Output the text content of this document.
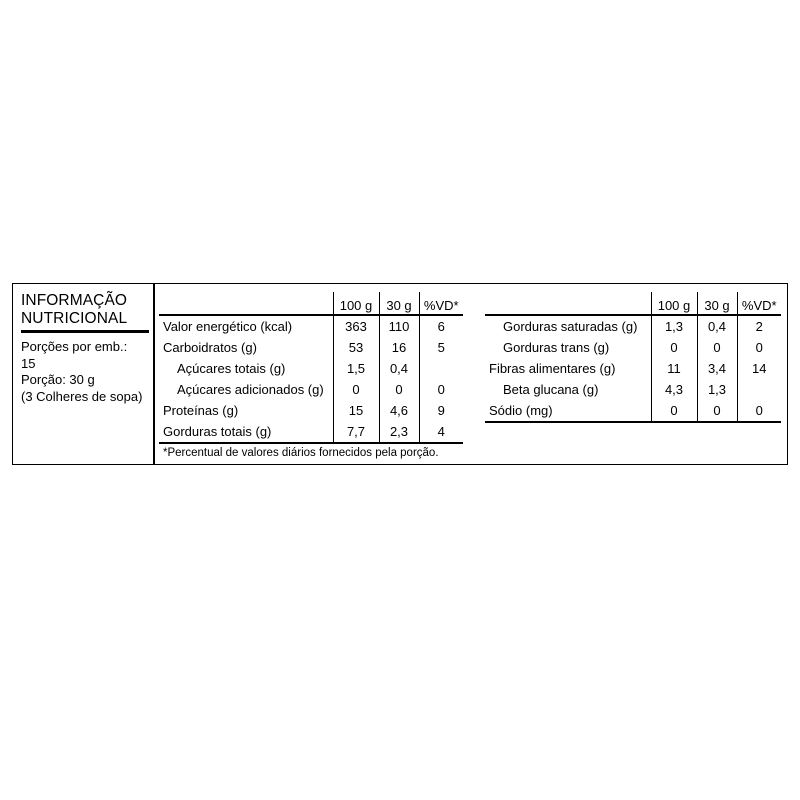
INFORMAÇÃO
NUTRICIONAL
Porções por emb.:
15
Porção: 30 g
(3 Colheres de sopa)
	100 g	30 g	%VD*
Valor energético (kcal)	363	110	6
Carboidratos (g)	53	16	5
Açúcares totais (g)	1,5	0,4	
Açúcares adicionados (g)	0	0	0
Proteínas (g)	15	4,6	9
Gorduras totais (g)	7,7	2,3	4
*Percentual de valores diários fornecidos pela porção.
	100 g	30 g	%VD*
Gorduras saturadas (g)	1,3	0,4	2
Gorduras trans (g)	0	0	0
Fibras alimentares (g)	11	3,4	14
Beta glucana (g)	4,3	1,3	
Sódio (mg)	0	0	0
